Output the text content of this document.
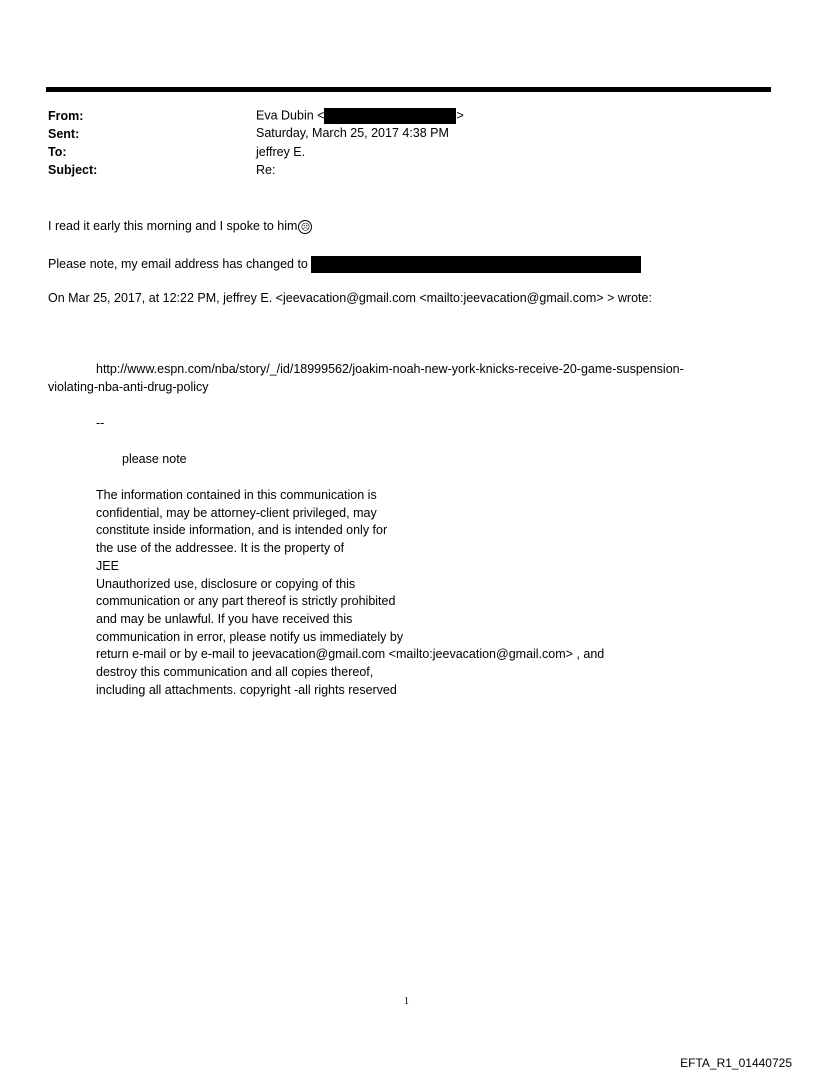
From:	Eva Dubin <	>
Sent:	Saturday, March 25, 2017 4:38 PM
To:	jeffrey E.
Subject:	Re:
I read it early this morning and I spoke to him ☹
Please note, my email address has changed to
On Mar 25, 2017, at 12:22 PM, jeffrey E. <jeevacation@gmail.com <mailto:jeevacation@gmail.com> > wrote:
http://www.espn.com/nba/story/_/id/18999562/joakim-noah-new-york-knicks-receive-20-game-suspension-
violating-nba-anti-drug-policy
--
please note
The information contained in this communication is
confidential, may be attorney-client privileged, may
constitute inside information, and is intended only for
the use of the addressee. It is the property of
JEE
Unauthorized use, disclosure or copying of this
communication or any part thereof is strictly prohibited
and may be unlawful. If you have received this
communication in error, please notify us immediately by
return e-mail or by e-mail to jeevacation@gmail.com <mailto:jeevacation@gmail.com> , and
destroy this communication and all copies thereof,
including all attachments. copyright -all rights reserved
1
EFTA_R1_01440725
